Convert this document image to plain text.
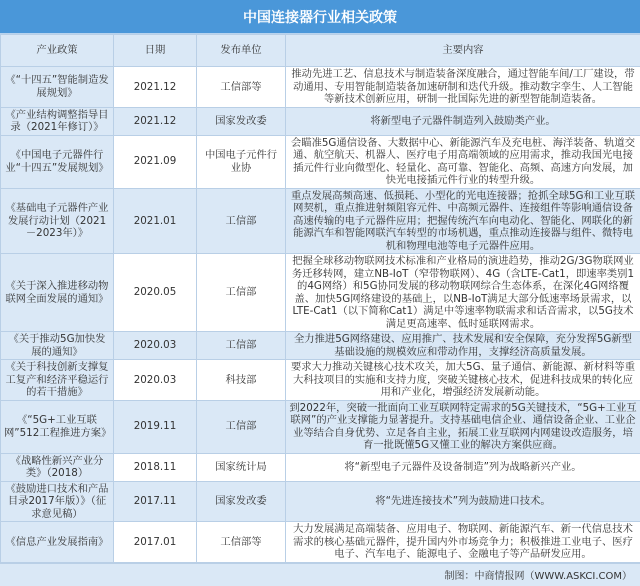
中国连接器行业相关政策
产业政策	日期	发布单位	主要内容
《“十四五”智能制造发展规划》	2021.12	工信部等	推动先进工艺、信息技术与制造装备深度融合，通过智能车间/工厂建设，带动通用、专用智能制造装备加速研制和迭代升级。推动数字孪生、人工智能等新技术创新应用，研制一批国际先进的新型智能制造装备。
《产业结构调整指导目录（2021年修订）》	2021.12	国家发改委	将新型电子元器件制造列入鼓励类产业。
《中国电子元器件行业“十四五”发展规划》	2021.09	中国电子元件行业协	会瞄准5G通信设备、大数据中心、新能源汽车及充电桩、海洋装备、轨道交通、航空航天、机器人、医疗电子用高端领域的应用需求，推动我国光电接插元件行业向微型化、轻量化、高可靠、智能化、高频、高速方向发展，加快光电接插元件行业的转型升级。
《基础电子元器件产业发展行动计划（2021－2023年）》	2021.01	工信部	重点发展高频高速、低损耗、小型化的光电连接器；抢抓全球5G和工业互联网契机，重点推进射频阻容元件、中高频元器件、连接组件等影响通信设备高速传输的电子元器件应用；把握传统汽车向电动化、智能化、网联化的新能源汽车和智能网联汽车转型的市场机遇，重点推动连接器与组件、微特电机和物理电池等电子元器件应用。
《关于深入推进移动物联网全面发展的通知》	2020.05	工信部	把握全球移动物联网技术标准和产业格局的演进趋势，推动2G/3G物联网业务迁移转网，建立NB-IoT（窄带物联网）、4G（含LTE-Cat1，即速率类别1的4G网络）和5G协同发展的移动物联网综合生态体系，在深化4G网络覆盖、加快5G网络建设的基础上，以NB-IoT满足大部分低速率场景需求，以LTE-Cat1（以下简称Cat1）满足中等速率物联需求和话音需求，以5G技术满足更高速率、低时延联网需求。
《关于推动5G加快发展的通知》	2020.03	工信部	全力推进5G网络建设、应用推广、技术发展和安全保障，充分发挥5G新型基础设施的规模效应和带动作用，支撑经济高质量发展。
《关于科技创新支撑复工复产和经济平稳运行的若干措施》	2020.03	科技部	要求大力推动关键核心技术攻关，加大5G、量子通信、新能源、新材料等重大科技项目的实施和支持力度，突破关键核心技术，促进科技成果的转化应用和产业化，增强经济发展新动能。
《“5G+工业互联网”512工程推进方案》	2019.11	工信部	到2022年，突破一批面向工业互联网特定需求的5G关键技术，“5G+工业互联网”的产业支撑能力显著提升。支持基础电信企业、通信设备企业、工业企业等结合自身优势、立足各自主业，拓展工业互联网内网建设改造服务，培育一批既懂5G又懂工业的解决方案供应商。
《战略性新兴产业分类》（2018）	2018.11	国家统计局	将“新型电子元器件及设备制造”列为战略新兴产业。
《鼓励进口技术和产品目录2017年版）》（征求意见稿）	2017.11	国家发改委	将“先进连接技术”列为鼓励进口技术。
《信息产业发展指南》	2017.01	工信部等	大力发展满足高端装备、应用电子、物联网、新能源汽车、新一代信息技术需求的核心基础元器件，提升国内外市场竞争力；积极推进工业电子、医疗电子、汽车电子、能源电子、金融电子等产品研发应用。
制图：中商情报网（WWW.ASKCI.COM）
